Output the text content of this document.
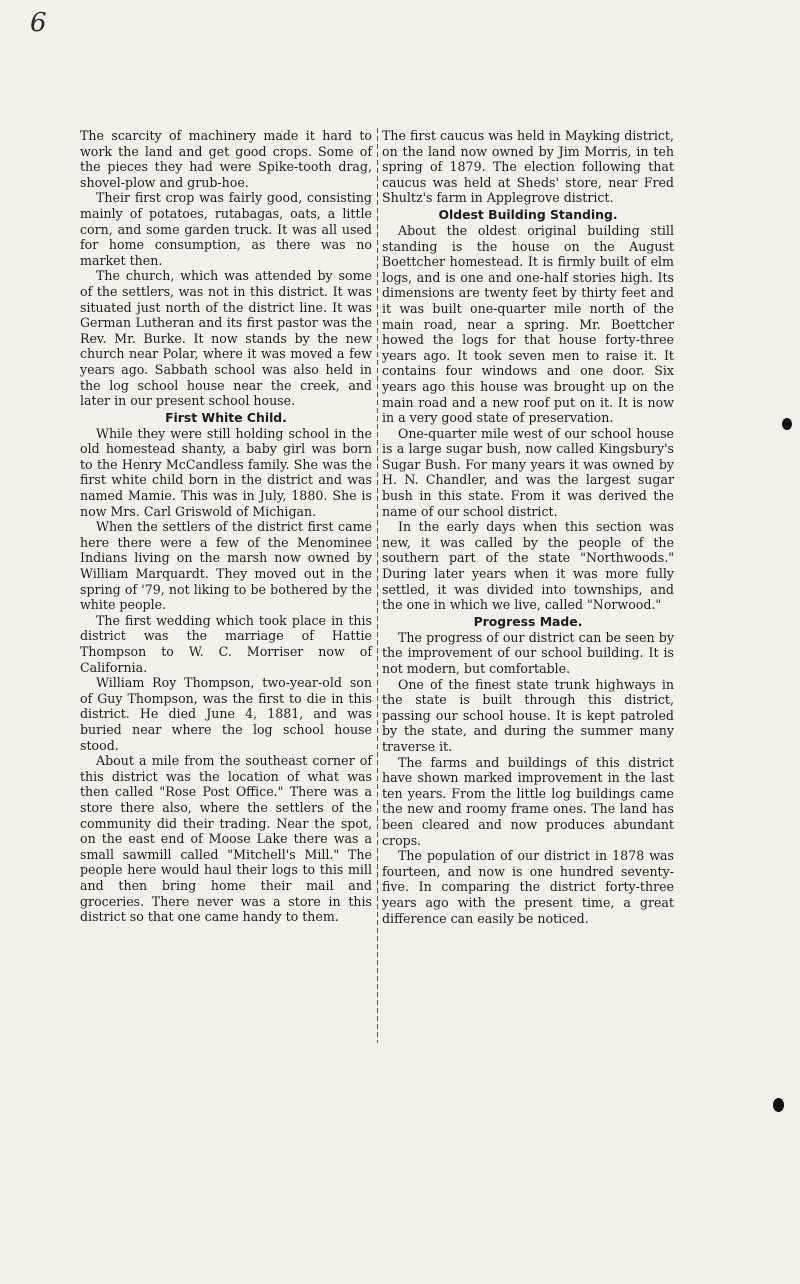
6

The scarcity of machinery made it hard to work the land and get good crops. Some of the pieces they had were Spike-tooth drag, shovel-plow and grub-hoe.

Their first crop was fairly good, consisting mainly of potatoes, rutabagas, oats, a little corn, and some garden truck. It was all used for home consumption, as there was no market then.

The church, which was attended by some of the settlers, was not in this district. It was situated just north of the district line. It was German Lutheran and its first pastor was the Rev. Mr. Burke. It now stands by the new church near Polar, where it was moved a few years ago. Sabbath school was also held in the log school house near the creek, and later in our present school house.

First White Child.

While they were still holding school in the old homestead shanty, a baby girl was born to the Henry McCandless family. She was the first white child born in the district and was named Mamie. This was in July, 1880. She is now Mrs. Carl Griswold of Michigan.

When the settlers of the district first came here there were a few of the Menominee Indians living on the marsh now owned by William Marquardt. They moved out in the spring of '79, not liking to be bothered by the white people.

The first wedding which took place in this district was the marriage of Hattie Thompson to W. C. Morriser now of California.

William Roy Thompson, two-year-old son of Guy Thompson, was the first to die in this district. He died June 4, 1881, and was buried near where the log school house stood.

About a mile from the southeast corner of this district was the location of what was then called "Rose Post Office." There was a store there also, where the settlers of the community did their trading. Near the spot, on the east end of Moose Lake there was a small sawmill called "Mitchell's Mill." The people here would haul their logs to this mill and then bring home their mail and groceries. There never was a store in this district so that one came handy to them.

The first caucus was held in Mayking district, on the land now owned by Jim Morris, in teh spring of 1879. The election following that caucus was held at Sheds' store, near Fred Shultz's farm in Applegrove district.

Oldest Building Standing.

About the oldest original building still standing is the house on the August Boettcher homestead. It is firmly built of elm logs, and is one and one-half stories high. Its dimensions are twenty feet by thirty feet and it was built one-quarter mile north of the main road, near a spring. Mr. Boettcher howed the logs for that house forty-three years ago. It took seven men to raise it. It contains four windows and one door. Six years ago this house was brought up on the main road and a new roof put on it. It is now in a very good state of preservation.

One-quarter mile west of our school house is a large sugar bush, now called Kingsbury's Sugar Bush. For many years it was owned by H. N. Chandler, and was the largest sugar bush in this state. From it was derived the name of our school district.

In the early days when this section was new, it was called by the people of the southern part of the state "Northwoods." During later years when it was more fully settled, it was divided into townships, and the one in which we live, called "Norwood."

Progress Made.

The progress of our district can be seen by the improvement of our school building. It is not modern, but comfortable.

One of the finest state trunk highways in the state is built through this district, passing our school house. It is kept patroled by the state, and during the summer many traverse it.

The farms and buildings of this district have shown marked improvement in the last ten years. From the little log buildings came the new and roomy frame ones. The land has been cleared and now produces abundant crops.

The population of our district in 1878 was fourteen, and now is one hundred seventy-five. In comparing the district forty-three years ago with the present time, a great difference can easily be noticed.
